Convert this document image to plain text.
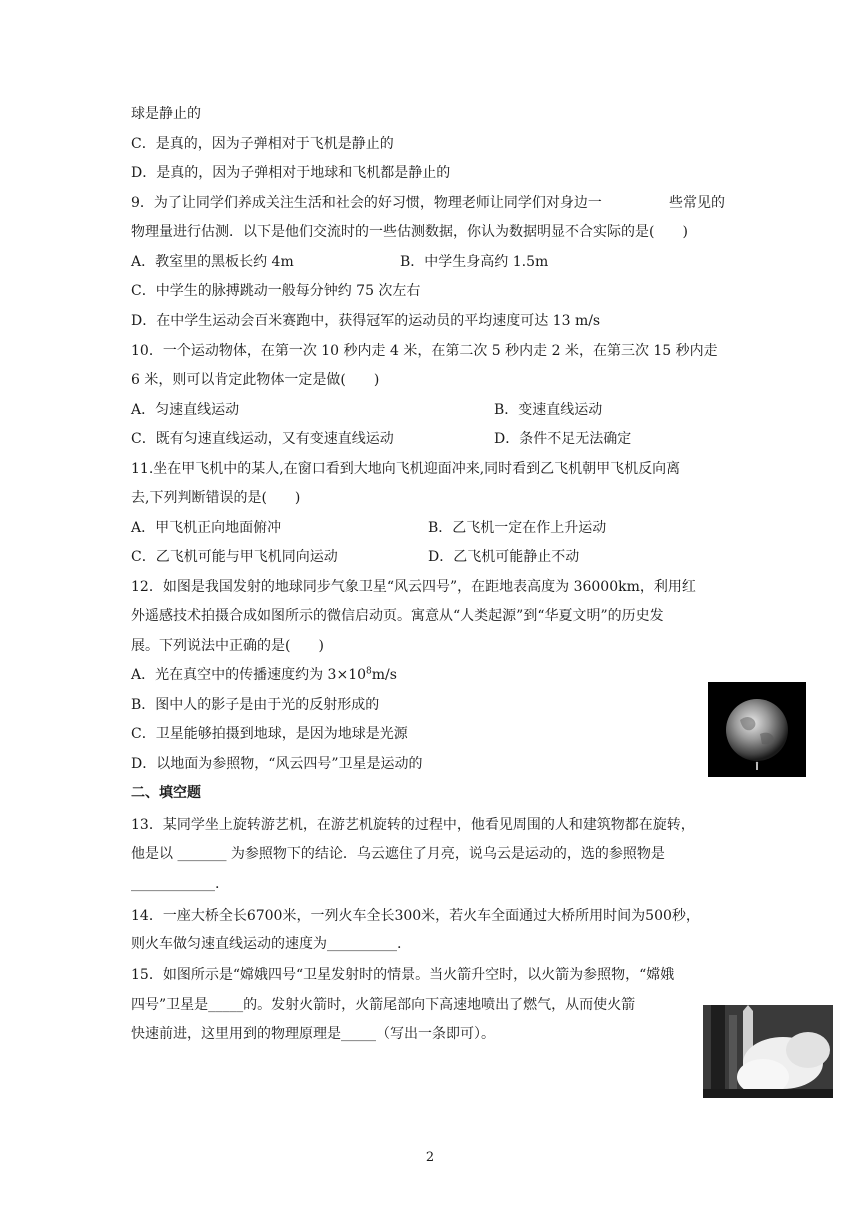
球是静止的
C．是真的，因为子弹相对于飞机是静止的
D．是真的，因为子弹相对于地球和飞机都是静止的
9．为了让同学们养成关注生活和社会的好习惯，物理老师让同学们对身边一	些常见的
物理量进行估测．以下是他们交流时的一些估测数据，你认为数据明显不合实际的是(　　)
A．教室里的黑板长约 4m	B．中学生身高约 1.5m
C．中学生的脉搏跳动一般每分钟约 75 次左右
D．在中学生运动会百米赛跑中，获得冠军的运动员的平均速度可达 13 m/s
10．一个运动物体，在第一次 10 秒内走 4 米，在第二次 5 秒内走 2 米，在第三次 15 秒内走
6 米，则可以肯定此物体一定是做(　　)
A．匀速直线运动	B．变速直线运动
C．既有匀速直线运动，又有变速直线运动	D．条件不足无法确定
11.坐在甲飞机中的某人,在窗口看到大地向飞机迎面冲来,同时看到乙飞机朝甲飞机反向离
去,下列判断错误的是(　　)
A．甲飞机正向地面俯冲	B．乙飞机一定在作上升运动
C．乙飞机可能与甲飞机同向运动	D．乙飞机可能静止不动
12．如图是我国发射的地球同步气象卫星“风云四号”，在距地表高度为 36000km，利用红
外遥感技术拍摄合成如图所示的微信启动页。寓意从“人类起源”到“华夏文明”的历史发
展。下列说法中正确的是(　　)
A．光在真空中的传播速度约为 $3\times 10^8m/s$
B．图中人的影子是由于光的反射形成的
C．卫星能够拍摄到地球，是因为地球是光源
D．以地面为参照物，“风云四号”卫星是运动的
二、填空题
13．某同学坐上旋转游艺机，在游艺机旋转的过程中，他看见周围的人和建筑物都在旋转，
他是以 _______ 为参照物下的结论．乌云遮住了月亮，说乌云是运动的，选的参照物是
____________.
14．一座大桥全长6700米，一列火车全长300米，若火车全面通过大桥所用时间为500秒，
则火车做匀速直线运动的速度为__________.
15．如图所示是“嫦娥四号“卫星发射时的情景。当火箭升空时，以火箭为参照物，“嫦娥
四号”卫星是_____的。发射火箭时，火箭尾部向下高速地喷出了燃气，从而使火箭
快速前进，这里用到的物理原理是_____（写出一条即可）。
2
